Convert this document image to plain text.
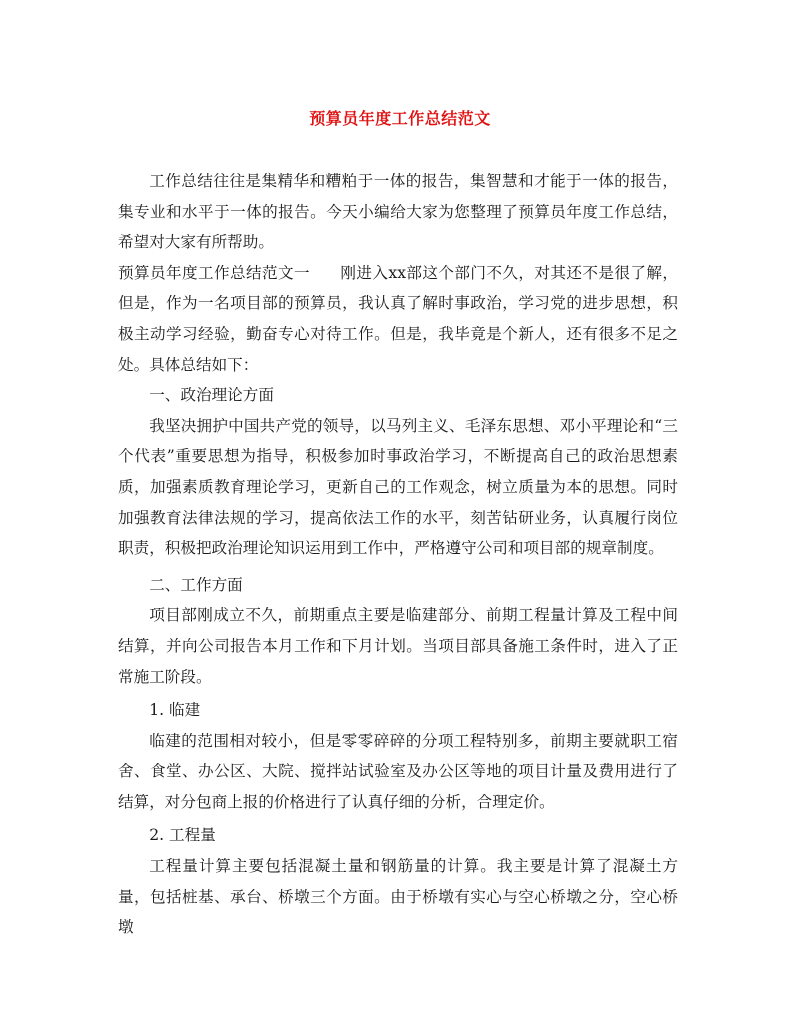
预算员年度工作总结范文

工作总结往往是集精华和糟粕于一体的报告，集智慧和才能于一体的报告，集专业和水平于一体的报告。今天小编给大家为您整理了预算员年度工作总结，希望对大家有所帮助。

预算员年度工作总结范文一 刚进入xx部这个部门不久，对其还不是很了解，但是，作为一名项目部的预算员，我认真了解时事政治，学习党的进步思想，积极主动学习经验，勤奋专心对待工作。但是，我毕竟是个新人，还有很多不足之处。具体总结如下：

一、政治理论方面

我坚决拥护中国共产党的领导，以马列主义、毛泽东思想、邓小平理论和“三个代表”重要思想为指导，积极参加时事政治学习，不断提高自己的政治思想素质，加强素质教育理论学习，更新自己的工作观念，树立质量为本的思想。同时加强教育法律法规的学习，提高依法工作的水平，刻苦钻研业务，认真履行岗位职责，积极把政治理论知识运用到工作中，严格遵守公司和项目部的规章制度。

二、工作方面

项目部刚成立不久，前期重点主要是临建部分、前期工程量计算及工程中间结算，并向公司报告本月工作和下月计划。当项目部具备施工条件时，进入了正常施工阶段。

1. 临建

临建的范围相对较小，但是零零碎碎的分项工程特别多，前期主要就职工宿舍、食堂、办公区、大院、搅拌站试验室及办公区等地的项目计量及费用进行了结算，对分包商上报的价格进行了认真仔细的分析，合理定价。

2. 工程量

工程量计算主要包括混凝土量和钢筋量的计算。我主要是计算了混凝土方量，包括桩基、承台、桥墩三个方面。由于桥墩有实心与空心桥墩之分，空心桥墩
